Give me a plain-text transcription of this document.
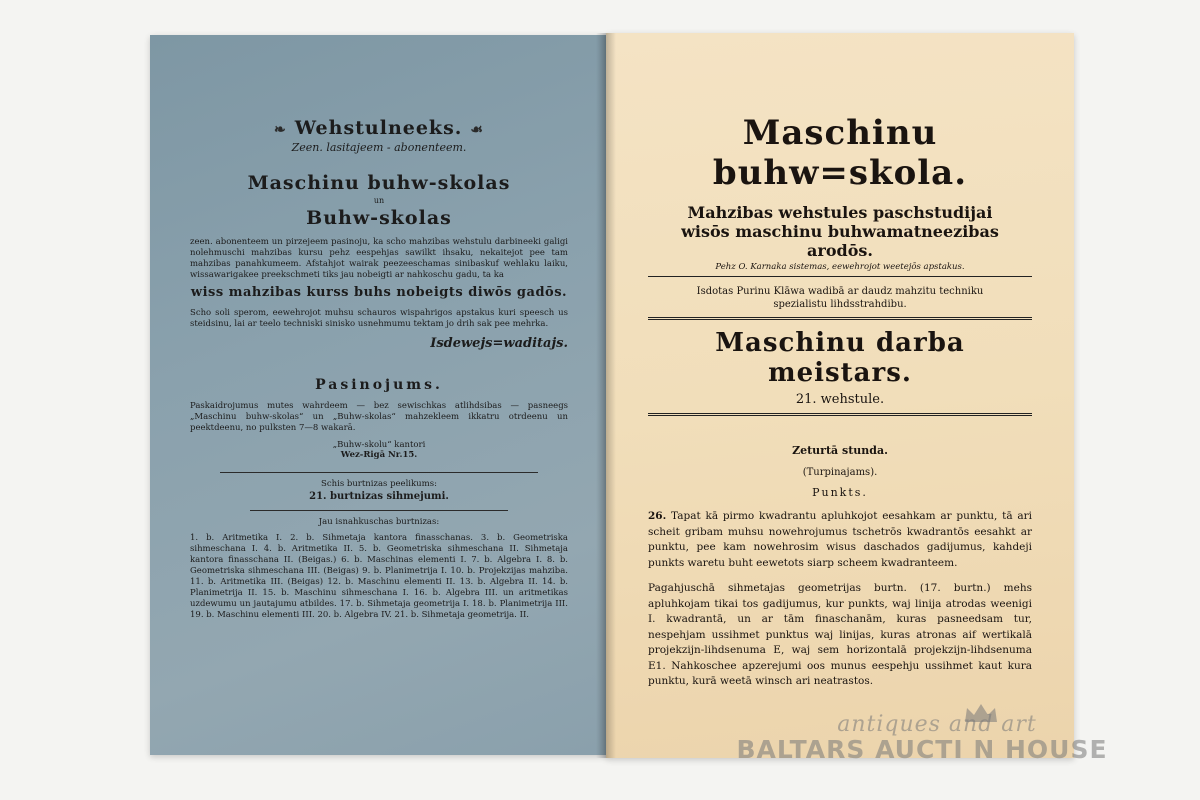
❧ Wehstulneeks. ☙
Zeen. lasitajeem - abonenteem.
Maschinu buhw-skolas
un
Buhw-skolas
zeen. abonenteem un pirzejeem pasinoju, ka scho mahzibas wehstulu darbineeki galigi nolehmuschi mahzibas kursu pehz eespehjas sawilkt ihsaku, nekaitejot pee tam mahzibas panahkumeem. Afstahjot wairak peezeeschamas sinibaskuf wehlaku laiku, wissawarigakee preekschmeti tiks jau nobeigti ar nahkoschu gadu, ta ka
wiss mahzibas kurss buhs nobeigts diwōs gadōs.
Scho soli sperom, eewehrojot muhsu schauros wispahrigos apstakus kuri speesch us steidsinu, lai ar teelo techniski sinisko usnehmumu tektam jo drih sak pee mehrka.
Isdewejs=waditajs.
Pasinojums.
Paskaidrojumus mutes wahrdeem — bez sewischkas atlihdsibas — pasneegs „Maschinu buhw-skolas“ un „Buhw-skolas“ mahzekleem ikkatru otrdeenu un peektdeenu, no pulksten 7—8 wakarā.
„Buhw-skolu“ kantori
Wez-Rigā Nr.15.
Schis burtnizas peelikums:
21. burtnizas sihmejumi.
Jau isnahkuschas burtnizas:
1. b. Aritmetika I. 2. b. Sihmetaja kantora finasschanas. 3. b. Geometriska sihmeschana I. 4. b. Aritmetika II. 5. b. Geometriska sihmeschana II. Sihmetaja kantora finasschana II. (Beigas.) 6. b. Maschinas elementi I. 7. b. Algebra I. 8. b. Geometriska sihmeschana III. (Beigas) 9. b. Planimetrija I. 10. b. Projekzijas mahziba. 11. b. Aritmetika III. (Beigas) 12. b. Maschinu elementi II. 13. b. Algebra II. 14. b. Planimetrija II. 15. b. Maschinu sihmeschana I. 16. b. Algebra III. un aritmetikas uzdewumu un jautajumu atbildes. 17. b. Sihmetaja geometrija I. 18. b. Planimetrija III. 19. b. Maschinu elementi III. 20. b. Algebra IV. 21. b. Sihmetaja geometrija. II.
Maschinu buhw=skola.
Mahzibas wehstules paschstudijai
wisōs maschinu buhwamatneezibas arodōs.
Pehz O. Karnaka sistemas, eewehrojot weetejōs apstakus.
Isdotas Purinu Klāwa wadibā ar daudz mahzitu techniku
spezialistu lihdsstrahdibu.
Maschinu darba meistars.
21. wehstule.
Zeturtā stunda.
(Turpinajams).
Punkts.
26. Tapat kā pirmo kwadrantu apluhkojot eesahkam ar punktu, tā ari scheit gribam muhsu nowehrojumus tschetrōs kwadrantōs eesahkt ar punktu, pee kam nowehrosim wisus daschados gadijumus, kahdeji punkts waretu buht eewetots siarp scheem kwadranteem.
Pagahjuschā sihmetajas geometrijas burtn. (17. burtn.) mehs apluhkojam tikai tos gadijumus, kur punkts, waj linija atrodas weenigi I. kwadrantā, un ar tām finaschanām, kuras pasneedsam tur, nespehjam ussihmet punktus waj linijas, kuras atronas aif wertikalā projekzijn-lihdsenuma E, waj sem horizontalā projekzijn-lihdsenuma E1. Nahkoschee apzerejumi oos munus eespehju ussihmet kaut kura punktu, kurā weetā winsch ari neatrastos.
antiques and art
BALTARS AUCTI N HOUSE
